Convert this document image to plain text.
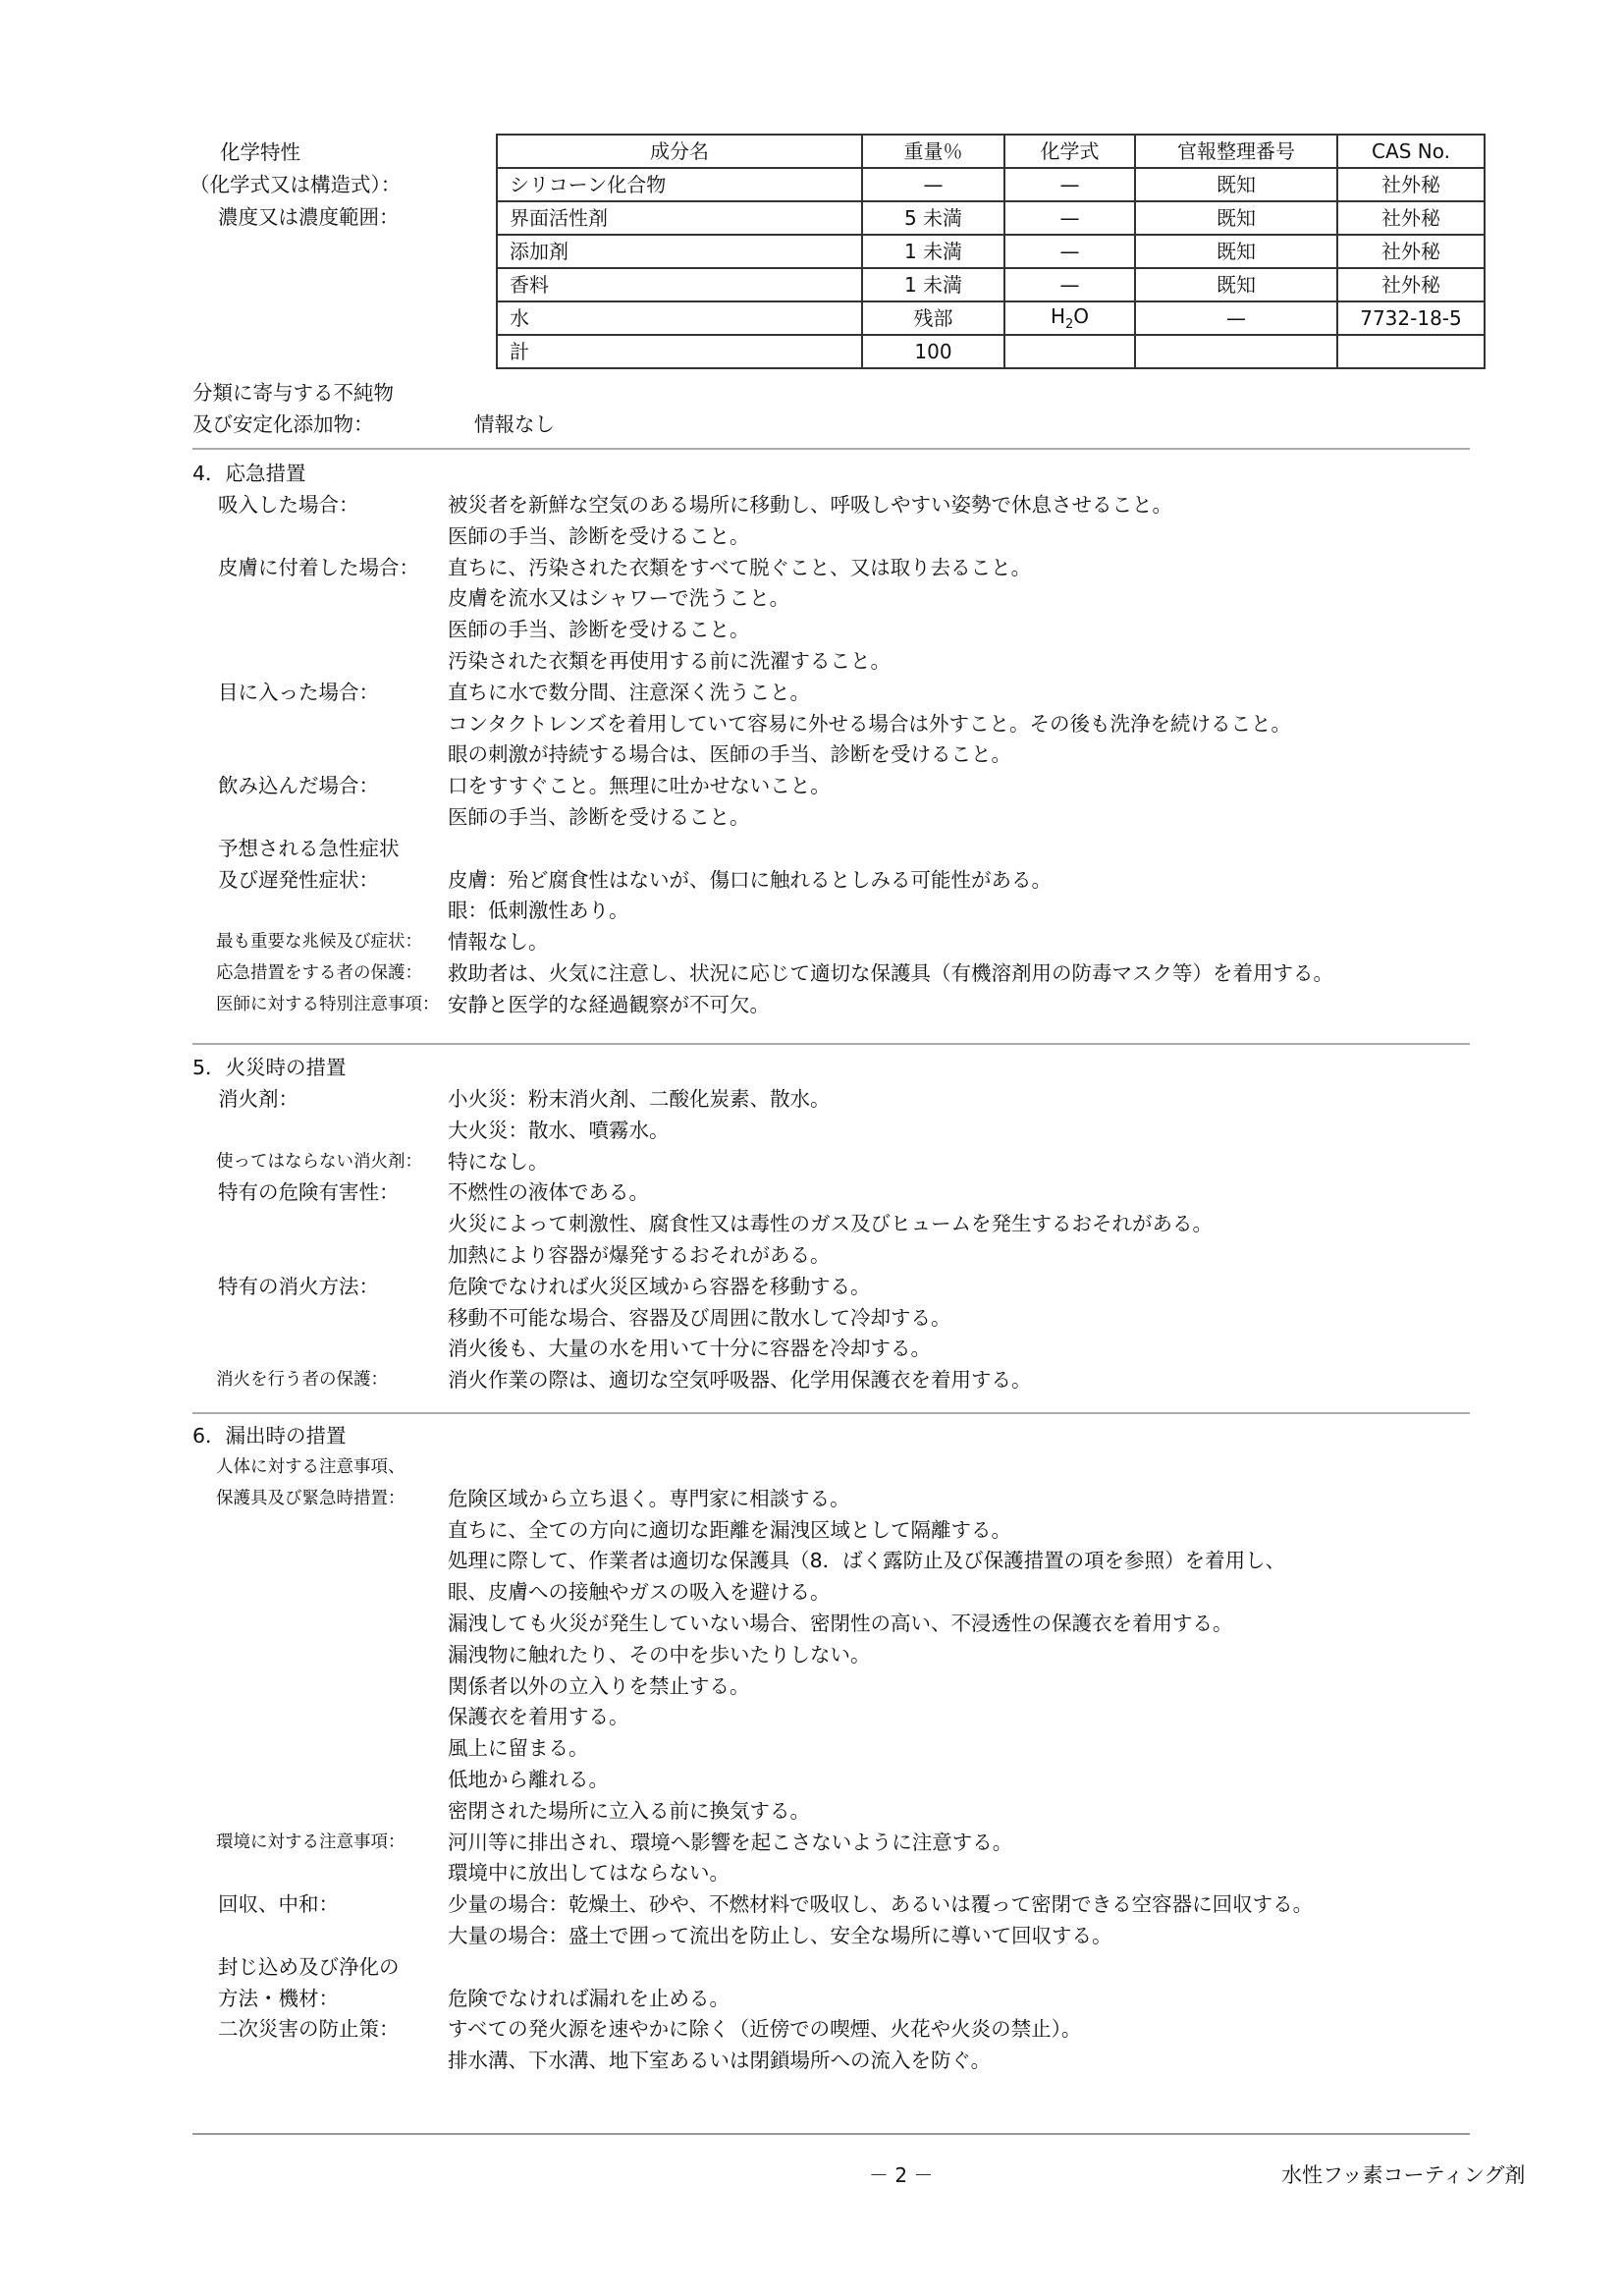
化学特性
（化学式又は構造式）：
濃度又は濃度範囲：
成分名	重量％	化学式	官報整理番号	CAS No.
シリコーン化合物	—	—	既知	社外秘
界面活性剤	5 未満	—	既知	社外秘
添加剤	1 未満	—	既知	社外秘
香料	1 未満	—	既知	社外秘
水	残部	$H_2O$	—	7732-18-5
計	100			
分類に寄与する不純物
及び安定化添加物：	情報なし
4．応急措置
吸入した場合：	被災者を新鮮な空気のある場所に移動し、呼吸しやすい姿勢で休息させること。
医師の手当、診断を受けること。
皮膚に付着した場合： 直ちに、汚染された衣類をすべて脱ぐこと、又は取り去ること。
皮膚を流水又はシャワーで洗うこと。
医師の手当、診断を受けること。
汚染された衣類を再使用する前に洗濯すること。
目に入った場合：	直ちに水で数分間、注意深く洗うこと。
コンタクトレンズを着用していて容易に外せる場合は外すこと。その後も洗浄を続けること。
眼の刺激が持続する場合は、医師の手当、診断を受けること。
飲み込んだ場合：	口をすすぐこと。無理に吐かせないこと。
医師の手当、診断を受けること。
予想される急性症状
及び遅発性症状：	皮膚：殆ど腐食性はないが、傷口に触れるとしみる可能性がある。
眼：低刺激性あり。
最も重要な兆候及び症状： 情報なし。
応急措置をする者の保護： 救助者は、火気に注意し、状況に応じて適切な保護具（有機溶剤用の防毒マスク等）を着用する。
医師に対する特別注意事項： 安静と医学的な経過観察が不可欠。
5．火災時の措置
消火剤：	小火災：粉末消火剤、二酸化炭素、散水。
大火災：散水、噴霧水。
使ってはならない消火剤： 特になし。
特有の危険有害性： 不燃性の液体である。
火災によって刺激性、腐食性又は毒性のガス及びヒュームを発生するおそれがある。
加熱により容器が爆発するおそれがある。
特有の消火方法：	危険でなければ火災区域から容器を移動する。
移動不可能な場合、容器及び周囲に散水して冷却する。
消火後も、大量の水を用いて十分に容器を冷却する。
消火を行う者の保護：	消火作業の際は、適切な空気呼吸器、化学用保護衣を着用する。
6．漏出時の措置
人体に対する注意事項、
保護具及び緊急時措置： 危険区域から立ち退く。専門家に相談する。
直ちに、全ての方向に適切な距離を漏洩区域として隔離する。
処理に際して、作業者は適切な保護具（8．ばく露防止及び保護措置の項を参照）を着用し、
眼、皮膚への接触やガスの吸入を避ける。
漏洩しても火災が発生していない場合、密閉性の高い、不浸透性の保護衣を着用する。
漏洩物に触れたり、その中を歩いたりしない。
関係者以外の立入りを禁止する。
保護衣を着用する。
風上に留まる。
低地から離れる。
密閉された場所に立入る前に換気する。
環境に対する注意事項： 河川等に排出され、環境へ影響を起こさないように注意する。
環境中に放出してはならない。
回収、中和：	少量の場合：乾燥土、砂や、不燃材料で吸収し、あるいは覆って密閉できる空容器に回収する。
大量の場合：盛土で囲って流出を防止し、安全な場所に導いて回収する。
封じ込め及び浄化の
方法・機材：	危険でなければ漏れを止める。
二次災害の防止策： すべての発火源を速やかに除く（近傍での喫煙、火花や火炎の禁止）。
排水溝、下水溝、地下室あるいは閉鎖場所への流入を防ぐ。
－ 2 －	水性フッ素コーティング剤
